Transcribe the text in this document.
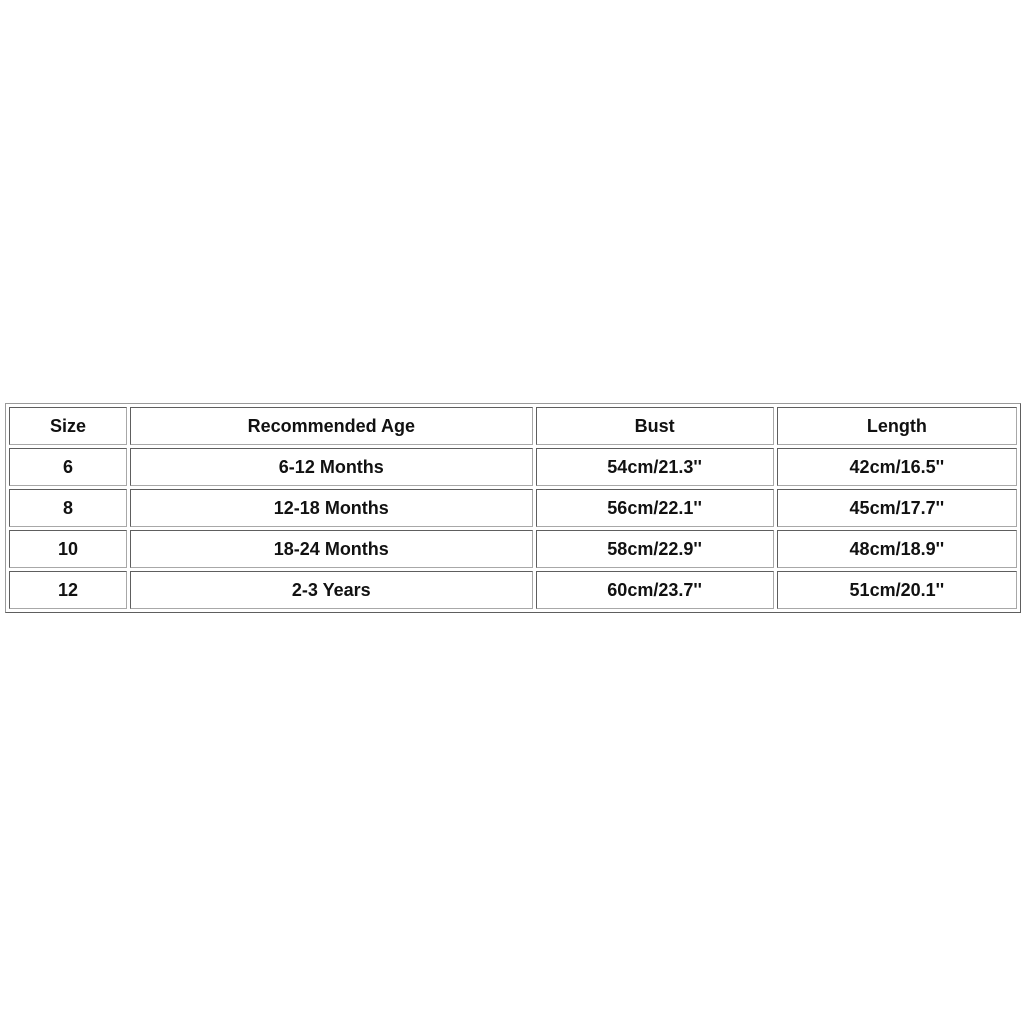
Size	Recommended Age	Bust	Length
6	6-12 Months	54cm/21.3''	42cm/16.5''
8	12-18 Months	56cm/22.1''	45cm/17.7''
10	18-24 Months	58cm/22.9''	48cm/18.9''
12	2-3 Years	60cm/23.7''	51cm/20.1''
